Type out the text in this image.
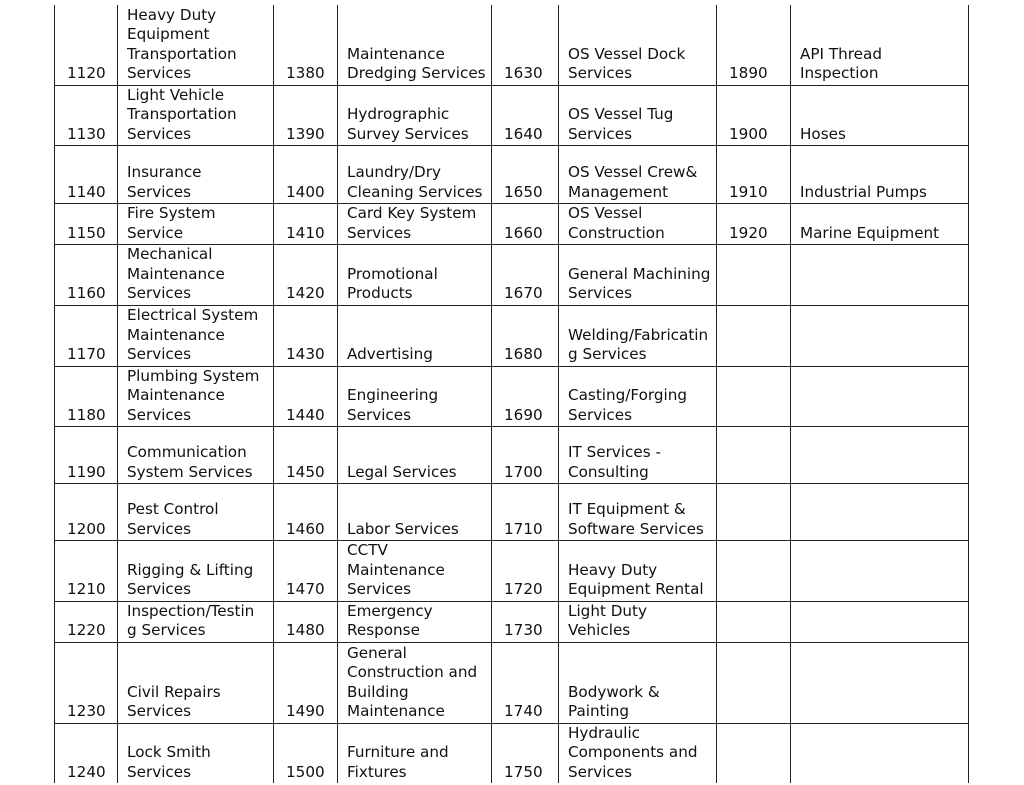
1120	Heavy Duty
Equipment
Transportation
Services	1380	Maintenance
Dredging Services	1630	OS Vessel Dock
Services	1890	API Thread
Inspection

1130	Light Vehicle
Transportation
Services	1390	Hydrographic
Survey Services	1640	OS Vessel Tug
Services	1900	Hoses

1140	Insurance
Services	1400	Laundry/Dry
Cleaning Services	1650	OS Vessel Crew&
Management	1910	Industrial Pumps

1150	Fire System
Service	1410	Card Key System
Services	1660	OS Vessel
Construction	1920	Marine Equipment

1160	Mechanical
Maintenance
Services	1420	Promotional
Products	1670	General Machining
Services		

1170	Electrical System
Maintenance
Services	1430	Advertising	1680	Welding/Fabricatin
g Services		

1180	Plumbing System
Maintenance
Services	1440	Engineering
Services	1690	Casting/Forging
Services		

1190	Communication
System Services	1450	Legal Services	1700	IT Services -
Consulting		

1200	Pest Control
Services	1460	Labor Services	1710	IT Equipment &
Software Services		

1210	Rigging & Lifting
Services	1470	CCTV
Maintenance
Services	1720	Heavy Duty
Equipment Rental		

1220	Inspection/Testin
g Services	1480	Emergency
Response	1730	Light Duty
Vehicles		

1230	Civil Repairs
Services	1490	General
Construction and
Building
Maintenance	1740	Bodywork &
Painting		

1240	Lock Smith
Services	1500	Furniture and
Fixtures	1750	Hydraulic
Components and
Services		
